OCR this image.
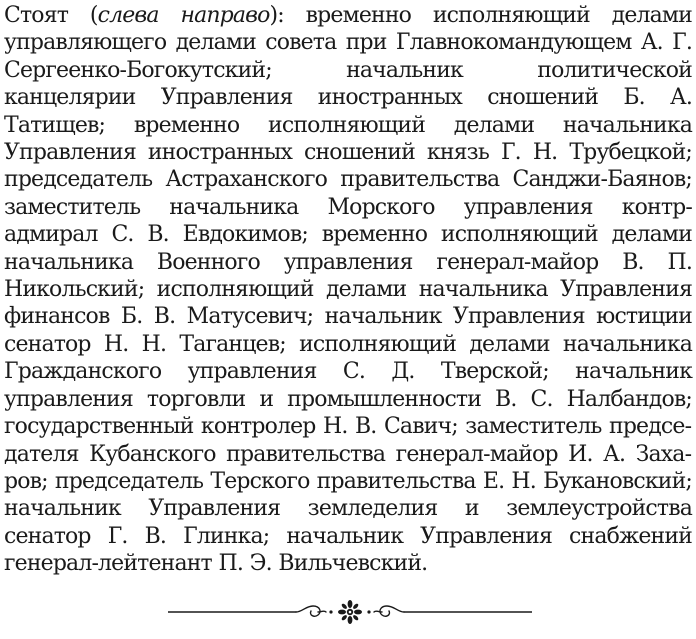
Стоят (слева направо): временно исполняющий делами управляющего делами совета при Главнокомандующем А. Г. Сергеенко-Богокутский; начальник политической канцелярии Управления иностранных сношений Б. А. Татищев; временно исполняющий делами начальника Управления иностранных сношений князь Г. Н. Трубецкой; председатель Астраханского правительства Санджи-Баянов; заместитель начальника Морского управления контр-адмирал С. В. Евдокимов; временно исполняющий делами начальника Военного управления генерал-майор В. П. Никольский; исполняющий делами начальника Управления финансов Б. В. Матусевич; начальник Управления юстиции сенатор Н. Н. Таганцев; исполняющий делами начальника Гражданского управления С. Д. Тверской; начальник управления торговли и промышленности В. С. Налбандов; государственный контролер Н. В. Савич; заместитель председателя Кубанского правительства генерал-майор И. А. Захаров; председатель Терского правительства Е. Н. Букановский; начальник Управления земледелия и землеустройства сенатор Г. В. Глинка; начальник Управления снабжений генерал-лейтенант П. Э. Вильчевский.
